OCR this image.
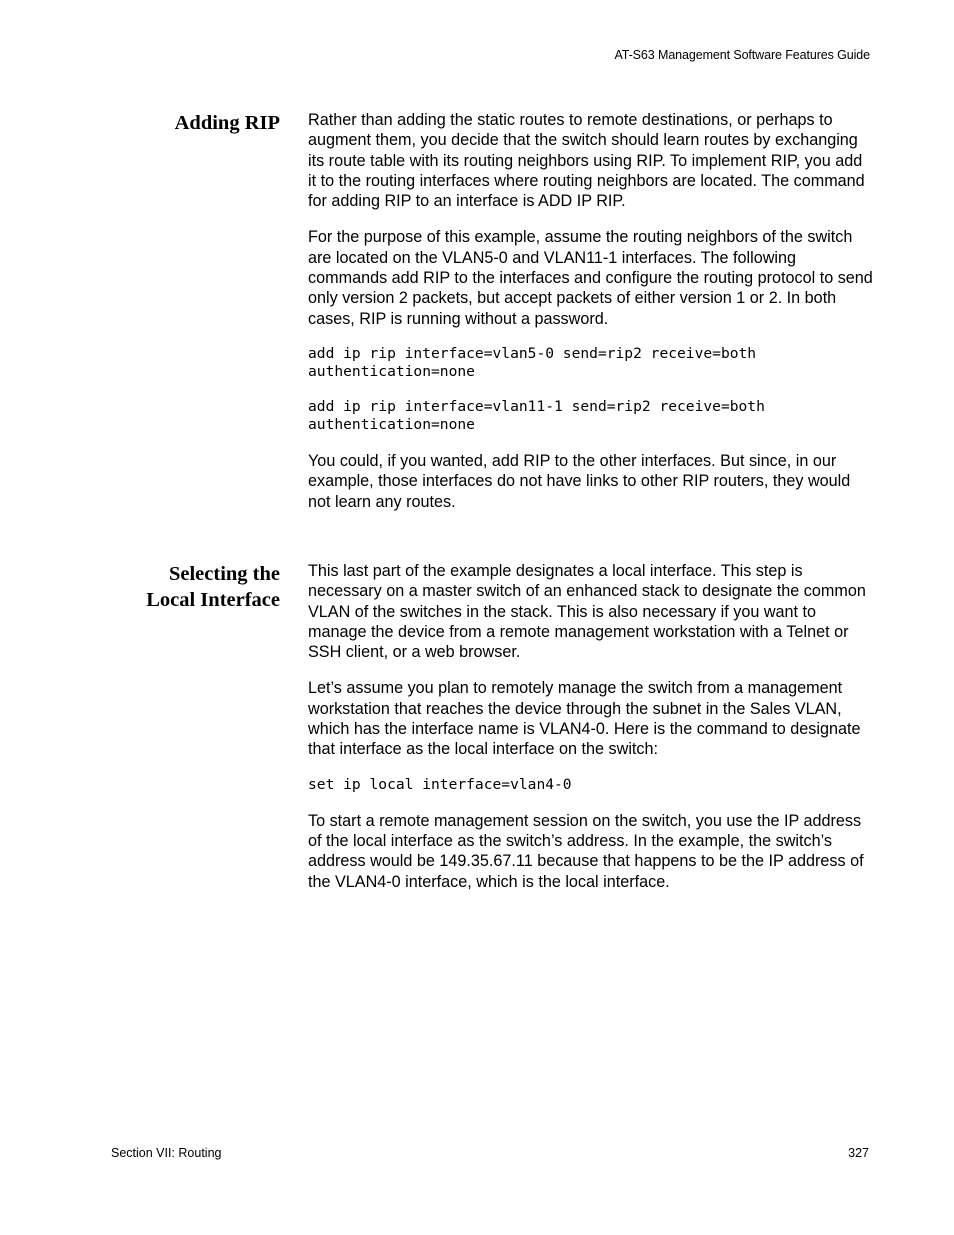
AT-S63 Management Software Features Guide
Adding RIP Rather than adding the static routes to remote destinations, or perhaps to augment them, you decide that the switch should learn routes by exchanging its route table with its routing neighbors using RIP. To implement RIP, you add it to the routing interfaces where routing neighbors are located. The command for adding RIP to an interface is ADD IP RIP.

For the purpose of this example, assume the routing neighbors of the switch are located on the VLAN5-0 and VLAN11-1 interfaces. The following commands add RIP to the interfaces and configure the routing protocol to send only version 2 packets, but accept packets of either version 1 or 2. In both cases, RIP is running without a password.

add ip rip interface=vlan5-0 send=rip2 receive=both
authentication=none
add ip rip interface=vlan11-1 send=rip2 receive=both
authentication=none

You could, if you wanted, add RIP to the other interfaces. But since, in our example, those interfaces do not have links to other RIP routers, they would not learn any routes.

Selecting the
Local Interface

This last part of the example designates a local interface. This step is necessary on a master switch of an enhanced stack to designate the common VLAN of the switches in the stack. This is also necessary if you want to manage the device from a remote management workstation with a Telnet or SSH client, or a web browser.

Let’s assume you plan to remotely manage the switch from a management workstation that reaches the device through the subnet in the Sales VLAN, which has the interface name is VLAN4-0. Here is the command to designate that interface as the local interface on the switch:

set ip local interface=vlan4-0

To start a remote management session on the switch, you use the IP address of the local interface as the switch’s address. In the example, the switch’s address would be 149.35.67.11 because that happens to be the IP address of the VLAN4-0 interface, which is the local interface.

Section VII: Routing	327
